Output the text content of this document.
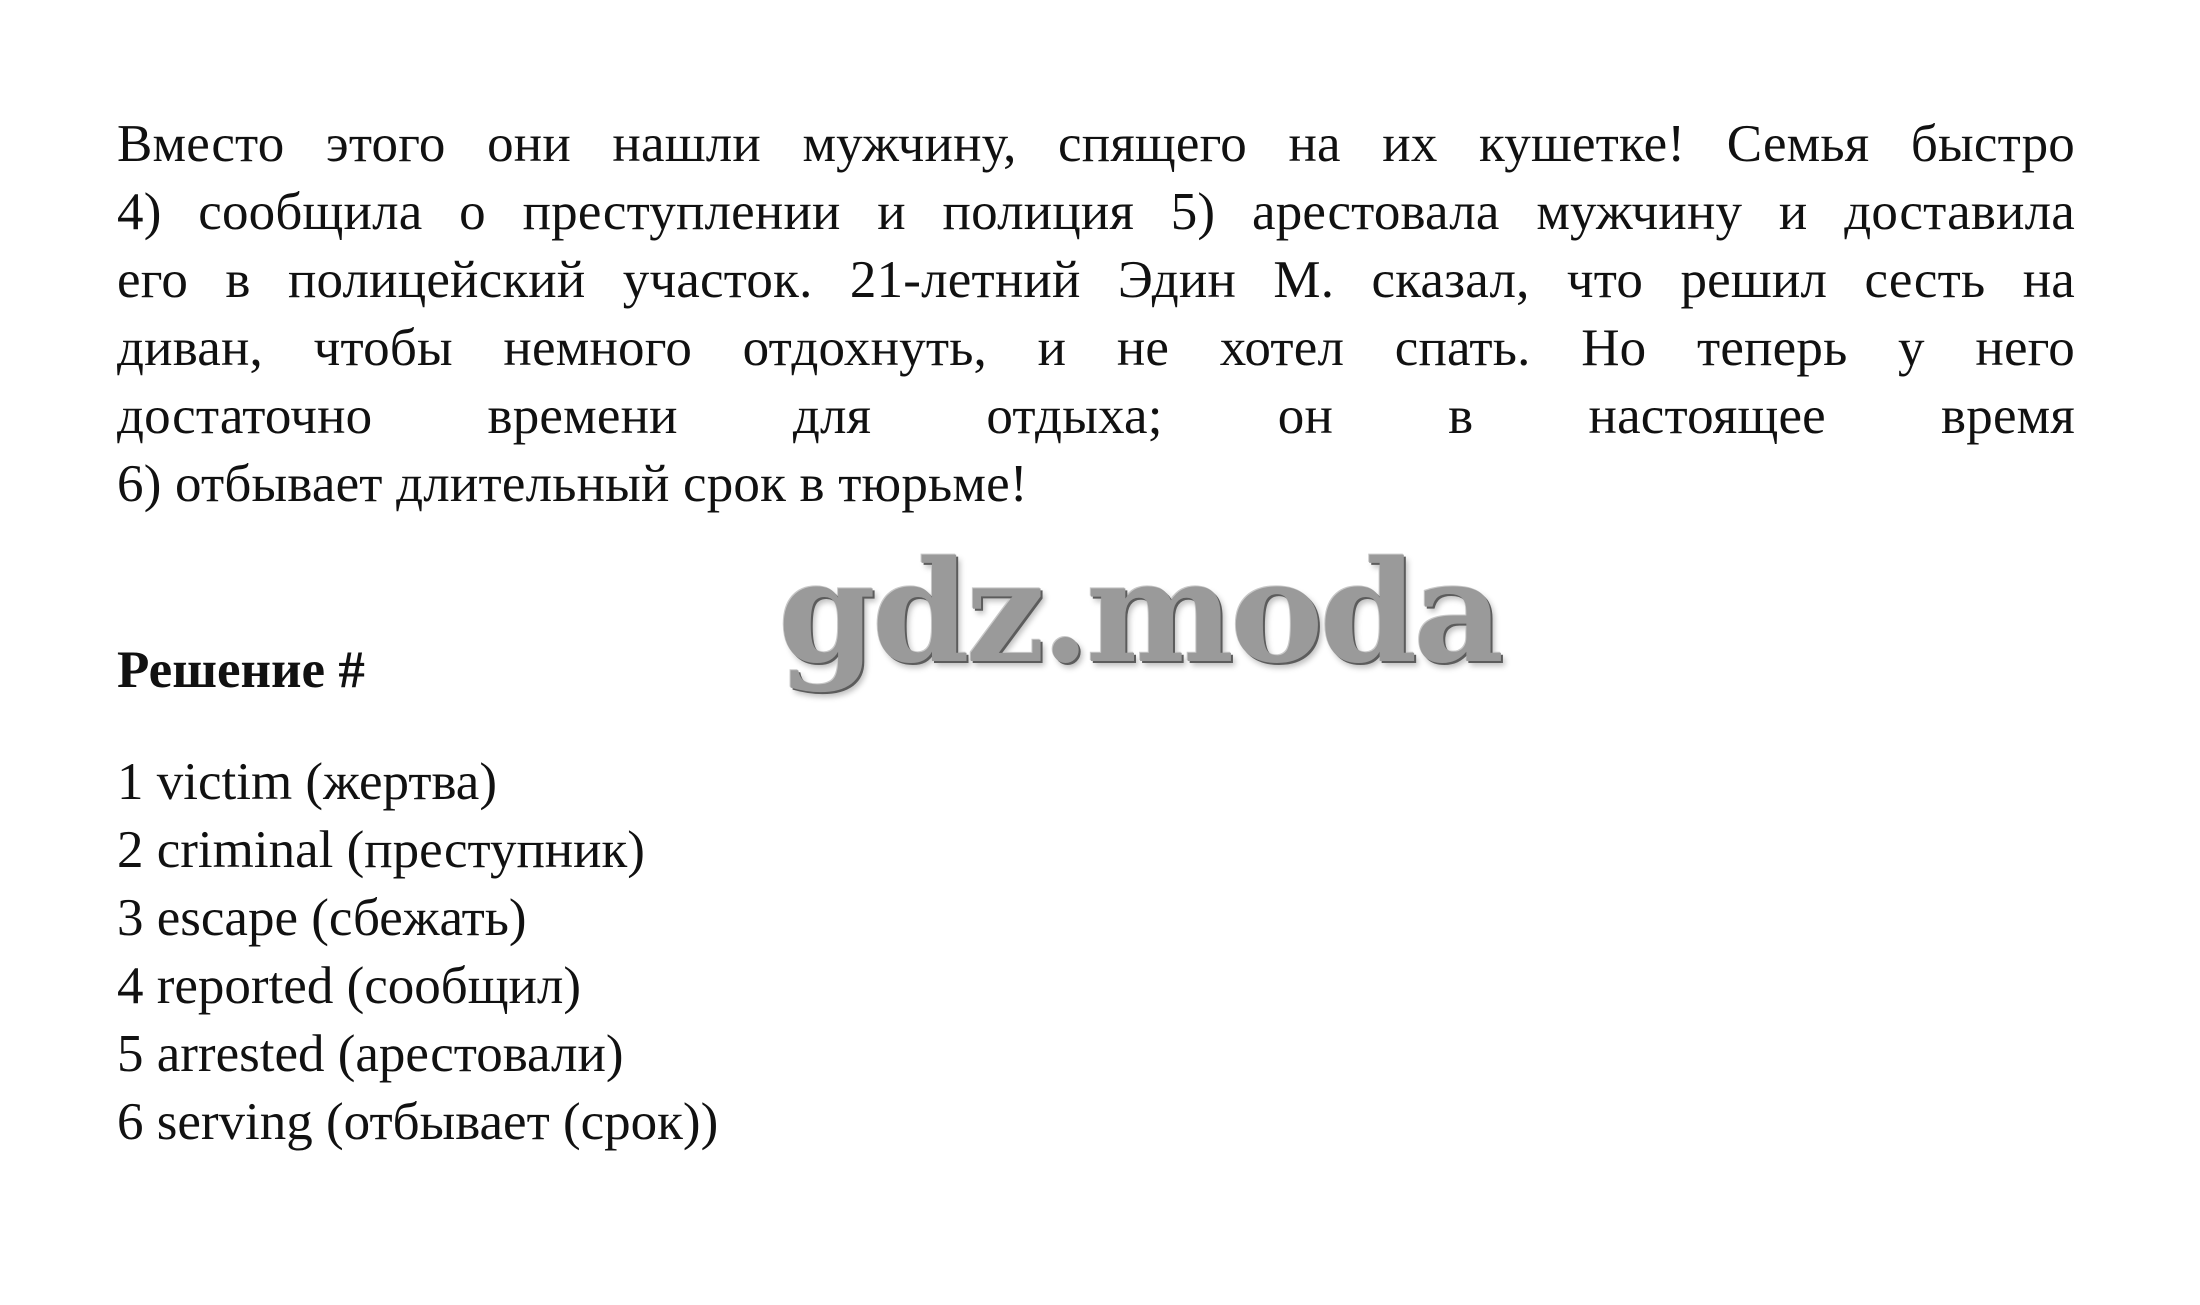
Вместо этого они нашли мужчину, спящего на их кушетке! Семья быстро
4) сообщила о преступлении и полиция 5) арестовала мужчину и доставила
его в полицейский участок. 21-летний Эдин М. сказал, что решил сесть на
диван, чтобы немного отдохнуть, и не хотел спать. Но теперь у него
достаточно времени для отдыха; он в настоящее время
6) отбывает длительный срок в тюрьме!
gdz.moda
Решение #
1 victim (жертва)
2 criminal (преступник)
3 escape (сбежать)
4 reported (сообщил)
5 arrested (арестовали)
6 serving (отбывает (срок))
